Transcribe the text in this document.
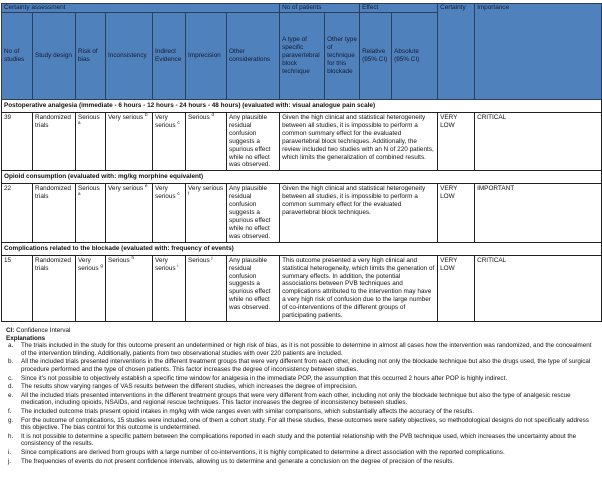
Certainty assessment							No of patients		Effect		Certainty	Importance
No of studies	Study design	Risk of bias	Inconsistency	Indirect Evidence	Imprecision	Other considerations	A type of specific paravertebral block technique	Other type of technique for this blockade	Relative (95% CI)	Absolute (95% CI)		
Postoperative analgesia (immediate - 6 hours - 12 hours - 24 hours - 48 hours) (evaluated with: visual analogue pain scale)												
39	Randomized trials	Serious $^a$	Very serious $^b$	Very serious $^c$	Serious $^d$	Any plausible residual confusion suggests a spurious effect while no effect was observed.	Given the high clinical and statistical heterogeneity between all studies, it is impossible to perform a common summary effect for the evaluated paravertebral block techniques. Additionally, the review included two studies with an N of 220 patients, which limits the generalization of combined results.				VERY LOW	CRITICAL
Opioid consumption (evaluated with: mg/kg morphine equivalent)												
22	Randomized trials	Serious $^a$	Very serious $^e$	Very serious $^c$	Very serious $^f$	Any plausible residual confusion suggests a spurious effect while no effect was observed.	Given the high clinical and statistical heterogeneity between all studies, it is impossible to perform a common summary effect for the evaluated paravertebral block techniques.				VERY LOW	IMPORTANT
Complications related to the blockade (evaluated with: frequency of events)												
15	Randomized trials	Very serious $^g$	Serious $^h$	Very serious $^i$	Serious $^j$	Any plausible residual confusion suggests a spurious effect while no effect was observed.	This outcome presented a very high clinical and statistical heterogeneity, which limits the generation of summary effects. In addition, the potential associations between PVB techniques and complications attributed to the intervention may have a very high risk of confusion due to the large number of co-interventions of the different groups of participating patients.				VERY LOW	CRITICAL
CI: Confidence Interval
Explanations
a.	The trials included in the study for this outcome present an undetermined or high risk of bias, as it is not possible to determine in almost all cases how the intervention was randomized, and the concealment of the intervention blinding. Additionally, patients from two observational studies with over 220 patients are included.
b.	All the included trials presented interventions in the different treatment groups that were very different from each other, including not only the blockade technique but also the drugs used, the type of surgical procedure performed and the type of chosen patients. This factor increases the degree of inconsistency between studies.
c.	Since it's not possible to objectively establish a specific time window for analgesia in the immediate POP, the assumption that this occurred 2 hours after POP is highly indirect.
d.	The results show varying ranges of VAS results between the different studies, which increases the degree of imprecision.
e.	All the included trials presented interventions in the different treatment groups that were very different from each other, including not only the blockade technique but also the type of analgesic rescue medication, including opioids, NSAIDs, and regional rescue techniques. This factor increases the degree of inconsistency between studies.
f.	The included outcome trials present opioid intakes in mg/kg with wide ranges even with similar comparisons, which substantially affects the accuracy of the results.
g.	For the outcome of complications, 15 studies were included, one of them a cohort study. For all these studies, these outcomes were safety objectives, so methodological designs do not specifically address this objective. The bias control for this outcome is undetermined.
h.	It is not possible to determine a specific pattern between the complications reported in each study and the potential relationship with the PVB technique used, which increases the uncertainty about the consistency of the results.
i.	Since complications are derived from groups with a large number of co-interventions, it is highly complicated to determine a direct association with the reported complications.
j.	The frequencies of events do not present confidence intervals, allowing us to determine and generate a conclusion on the degree of precision of the results.
